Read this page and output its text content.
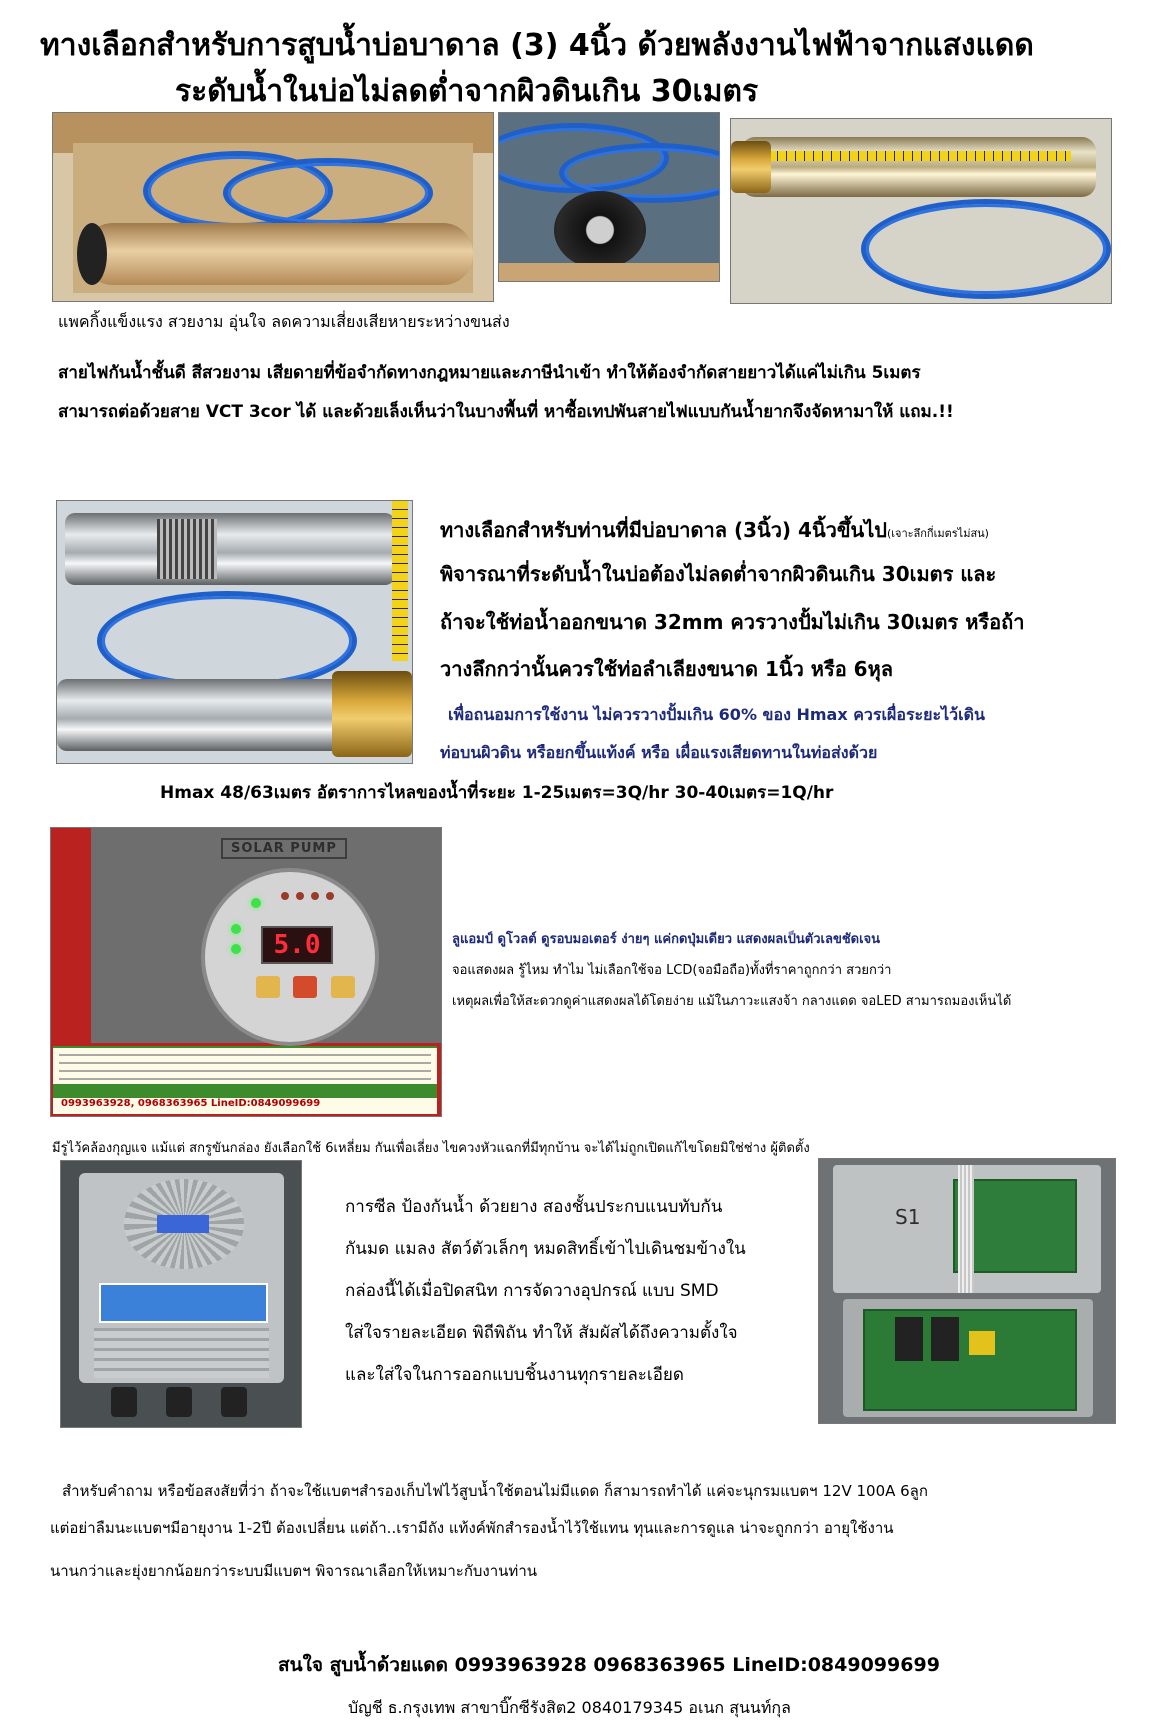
ทางเลือกสำหรับการสูบน้ำบ่อบาดาล (3) 4นิ้ว ด้วยพลังงานไฟฟ้าจากแสงแดด
ระดับน้ำในบ่อไม่ลดต่ำจากผิวดินเกิน 30เมตร
แพคกิ้งแข็งแรง สวยงาม อุ่นใจ ลดความเสี่ยงเสียหายระหว่างขนส่ง
สายไฟกันน้ำชั้นดี สีสวยงาม เสียดายที่ข้อจำกัดทางกฎหมายและภาษีนำเข้า ทำให้ต้องจำกัดสายยาวได้แค่ไม่เกิน 5เมตร
สามารถต่อด้วยสาย VCT 3cor ได้ และด้วยเล็งเห็นว่าในบางพื้นที่ หาซื้อเทปพันสายไฟแบบกันน้ำยากจึงจัดหามาให้ แถม.!!
ทางเลือกสำหรับท่านที่มีบ่อบาดาล (3นิ้ว) 4นิ้วขึ้นไป(เจาะลึกกี่เมตรไม่สน)
พิจารณาที่ระดับน้ำในบ่อต้องไม่ลดต่ำจากผิวดินเกิน 30เมตร และ
ถ้าจะใช้ท่อน้ำออกขนาด 32mm ควรวางปั้มไม่เกิน 30เมตร หรือถ้า
วางลึกกว่านั้นควรใช้ท่อลำเลียงขนาด 1นิ้ว หรือ 6หุล
เพื่อถนอมการใช้งาน ไม่ควรวางปั้มเกิน 60% ของ Hmax ควรเผื่อระยะไว้เดิน
ท่อบนผิวดิน หรือยกขึ้นแท้งค์ หรือ เผื่อแรงเสียดทานในท่อส่งด้วย
Hmax 48/63เมตร อัตราการไหลของน้ำที่ระยะ 1-25เมตร=3Q/hr 30-40เมตร=1Q/hr
SOLAR PUMP
5.0
0993963928, 0968363965 LineID:0849099699
ลูแอมป์ ดูโวลต์ ดูรอบมอเตอร์ ง่ายๆ แค่กดปุ่มเดียว แสดงผลเป็นตัวเลขชัดเจน
จอแสดงผล รู้ไหม ทำไม ไม่เลือกใช้จอ LCD(จอมือถือ)ทั้งที่ราคาถูกกว่า สวยกว่า
เหตุผลเพื่อให้สะดวกดูค่าแสดงผลได้โดยง่าย แม้ในภาวะแสงจ้า กลางแดด จอLED สามารถมองเห็นได้
มีรูไว้คล้องกุญแจ แม้แต่ สกรูขันกล่อง ยังเลือกใช้ 6เหลี่ยม กันเพื่อเลี่ยง ไขควงหัวแฉกที่มีทุกบ้าน จะได้ไม่ถูกเปิดแก้ไขโดยมิใช่ช่าง ผู้ติดตั้ง
การซีล ป้องกันน้ำ ด้วยยาง สองชั้นประกบแนบทับกัน
กันมด แมลง สัตว์ตัวเล็กๆ หมดสิทธิ์เข้าไปเดินชมข้างใน
กล่องนี้ได้เมื่อปิดสนิท การจัดวางอุปกรณ์ แบบ SMD
ใส่ใจรายละเอียด พิถีพิถัน ทำให้ สัมผัสได้ถึงความตั้งใจ
และใส่ใจในการออกแบบชิ้นงานทุกรายละเอียด
S1
สำหรับคำถาม หรือข้อสงสัยที่ว่า ถ้าจะใช้แบตฯสำรองเก็บไฟไว้สูบน้ำใช้ตอนไม่มีแดด ก็สามารถทำได้ แค่จะนุกรมแบตฯ 12V 100A 6ลูก
แต่อย่าลืมนะแบตฯมีอายุงาน 1-2ปี ต้องเปลี่ยน แต่ถ้า..เรามีถัง แท้งค์พักสำรองน้ำไว้ใช้แทน ทุนและการดูแล น่าจะถูกกว่า อายุใช้งาน
นานกว่าและยุ่งยากน้อยกว่าระบบมีแบตฯ พิจารณาเลือกให้เหมาะกับงานท่าน
สนใจ สูบน้ำด้วยแดด 0993963928 0968363965 LineID:0849099699
บัญชี ธ.กรุงเทพ สาขาบิ๊กซีรังสิต2 0840179345 อเนก สุนนท์กุล
